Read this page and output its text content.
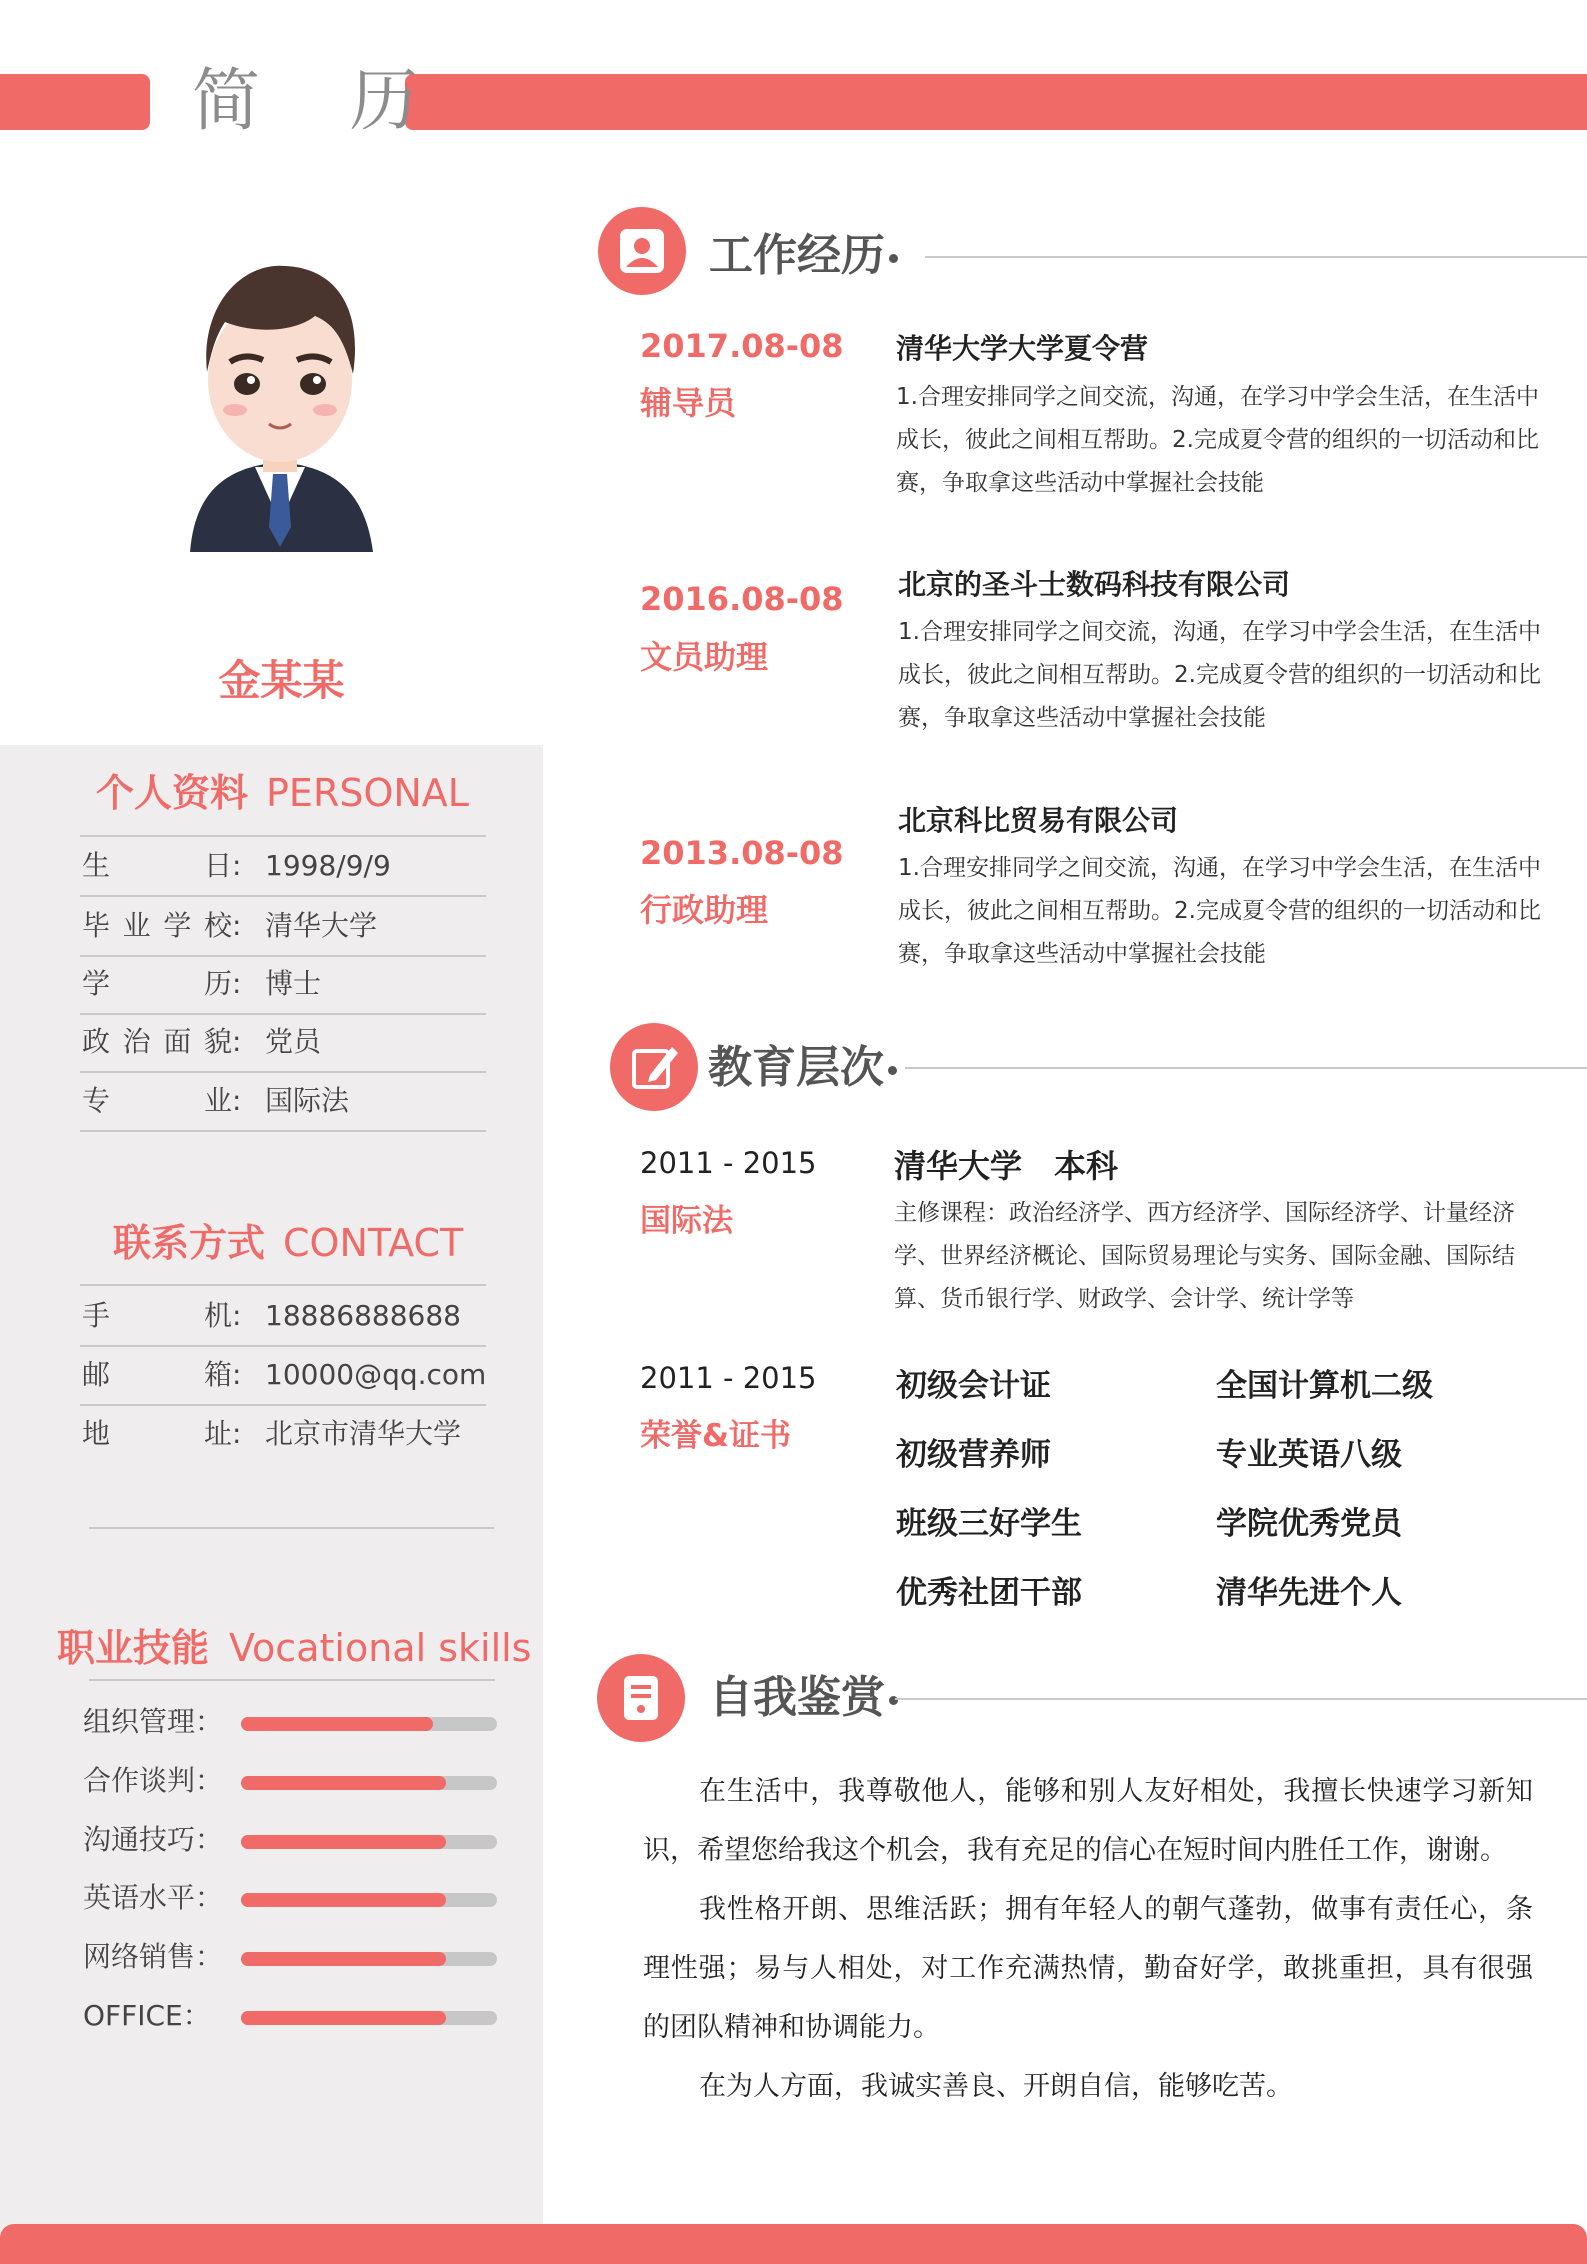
简 历
金某某
个人资料 PERSONAL
生日 : 1998/9/9
毕业学校 : 清华大学
学历 : 博士
政治面貌 : 党员
专业 : 国际法
联系方式 CONTACT
手机 : 18886888688
邮箱 : 10000@qq.com
地址 : 北京市清华大学
职业技能 Vocational skills
组织管理：
合作谈判：
沟通技巧：
英语水平：
网络销售：
OFFICE：
工作经历
2017.08-08
辅导员
清华大学大学夏令营
1.合理安排同学之间交流，沟通，在学习中学会生活，在生活中成长，彼此之间相互帮助。2.完成夏令营的组织的一切活动和比赛，争取拿这些活动中掌握社会技能
2016.08-08
文员助理
北京的圣斗士数码科技有限公司
1.合理安排同学之间交流，沟通，在学习中学会生活，在生活中成长，彼此之间相互帮助。2.完成夏令营的组织的一切活动和比赛，争取拿这些活动中掌握社会技能
2013.08-08
行政助理
北京科比贸易有限公司
1.合理安排同学之间交流，沟通，在学习中学会生活，在生活中成长，彼此之间相互帮助。2.完成夏令营的组织的一切活动和比赛，争取拿这些活动中掌握社会技能
教育层次
2011 - 2015
国际法
清华大学　本科
主修课程：政治经济学、西方经济学、国际经济学、计量经济学、世界经济概论、国际贸易理论与实务、国际金融、国际结算、货币银行学、财政学、会计学、统计学等
2011 - 2015
荣誉&证书
初级会计证	全国计算机二级
初级营养师	专业英语八级
班级三好学生	学院优秀党员
优秀社团干部	清华先进个人
自我鉴赏

在生活中，我尊敬他人，能够和别人友好相处，我擅长快速学习新知识，希望您给我这个机会，我有充足的信心在短时间内胜任工作，谢谢。

我性格开朗、思维活跃；拥有年轻人的朝气蓬勃，做事有责任心，条理性强；易与人相处，对工作充满热情，勤奋好学，敢挑重担，具有很强的团队精神和协调能力。

在为人方面，我诚实善良、开朗自信，能够吃苦。
